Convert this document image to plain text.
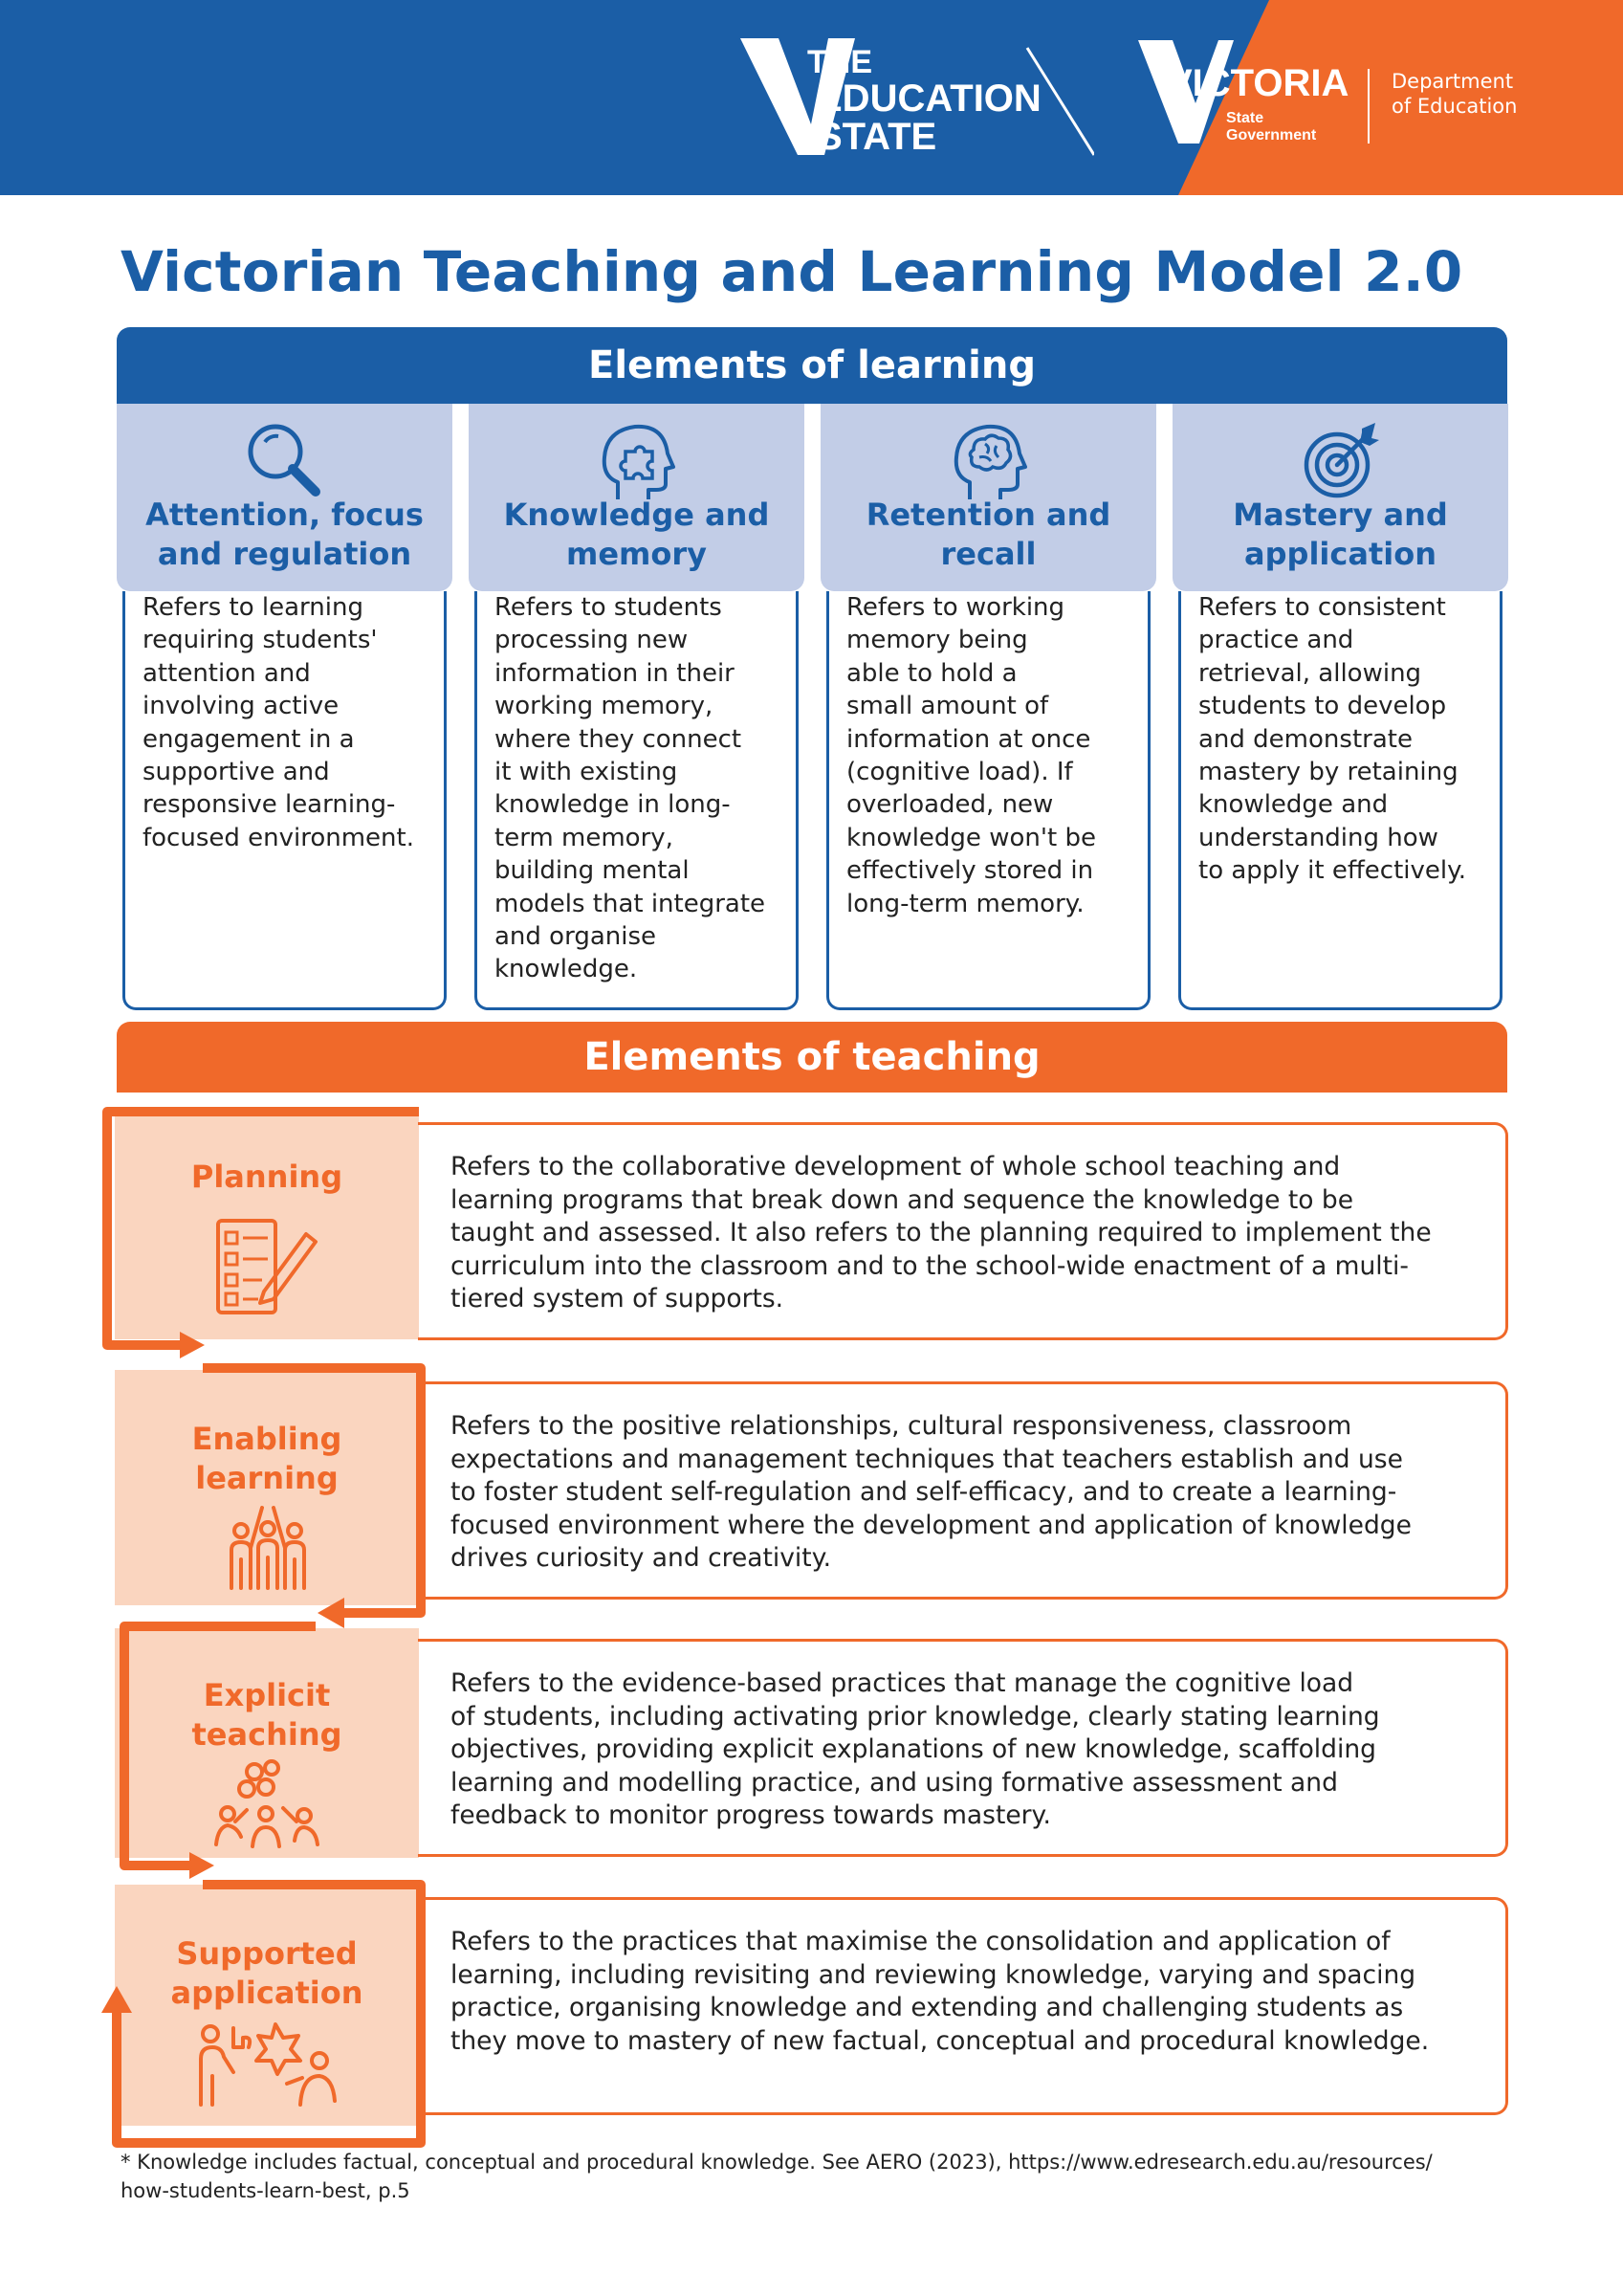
THE
EDUCATION
STATE
VICTORIA
State
Government
Department
of Education
Victorian Teaching and Learning Model 2.0
Elements of learning
Attention, focus
and regulation

Refers to learning

requiring students'

attention and

involving active

engagement in a

supportive and

responsive learning-

focused environment.

Knowledge and
memory

Refers to students

processing new

information in their

working memory,

where they connect

it with existing

knowledge in long-

term memory,

building mental

models that integrate

and organise

knowledge.

Retention and
recall

Refers to working

memory being

able to hold a

small amount of

information at once

(cognitive load). If

overloaded, new

knowledge won't be

effectively stored in

long-term memory.

Mastery and
application

Refers to consistent

practice and

retrieval, allowing

students to develop

and demonstrate

mastery by retaining

knowledge and

understanding how

to apply it effectively.

Elements of teaching
Planning	Refers to the collaborative development of whole school teaching and

learning programs that break down and sequence the knowledge to be

taught and assessed. It also refers to the planning required to implement the

curriculum into the classroom and to the school-wide enactment of a multi-

tiered system of supports.

Enabling
learning

Refers to the positive relationships, cultural responsiveness, classroom

expectations and management techniques that teachers establish and use

to foster student self-regulation and self-efficacy, and to create a learning-

focused environment where the development and application of knowledge

drives curiosity and creativity.

Explicit
teaching

Refers to the evidence-based practices that manage the cognitive load

of students, including activating prior knowledge, clearly stating learning

objectives, providing explicit explanations of new knowledge, scaffolding

learning and modelling practice, and using formative assessment and

feedback to monitor progress towards mastery.

Supported
application

Refers to the practices that maximise the consolidation and application of

learning, including revisiting and reviewing knowledge, varying and spacing

practice, organising knowledge and extending and challenging students as

they move to mastery of new factual, conceptual and procedural knowledge.

* Knowledge includes factual, conceptual and procedural knowledge. See AERO (2023), https://www.edresearch.edu.au/resources/

how-students-learn-best, p.5
